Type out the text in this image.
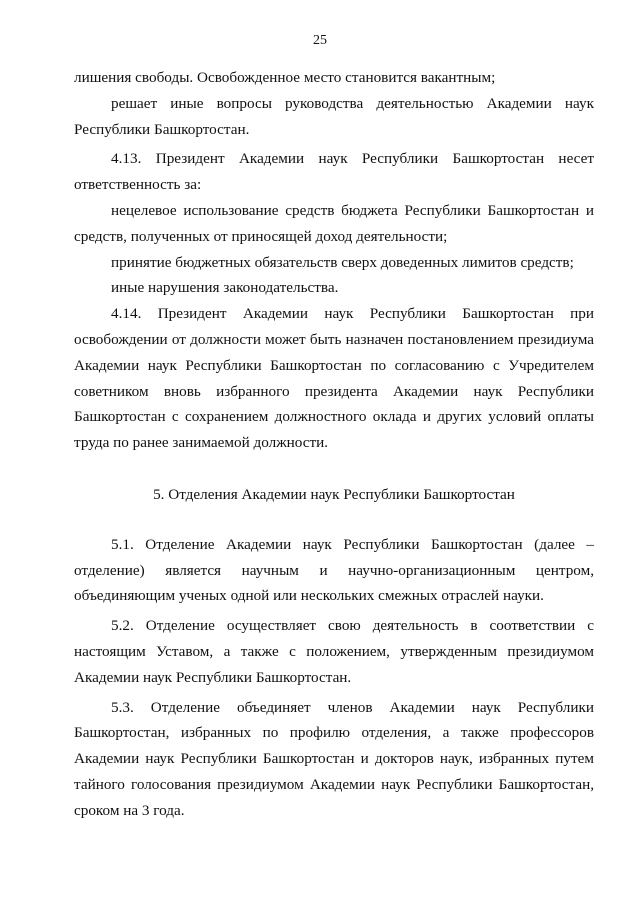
25

лишения свободы. Освобожденное место становится вакантным;

решает иные вопросы руководства деятельностью Академии наук Республики Башкортостан.

4.13. Президент Академии наук Республики Башкортостан несет ответственность за:

нецелевое использование средств бюджета Республики Башкортостан и средств, полученных от приносящей доход деятельности;

принятие бюджетных обязательств сверх доведенных лимитов средств;

иные нарушения законодательства.

4.14. Президент Академии наук Республики Башкортостан при освобождении от должности может быть назначен постановлением президиума Академии наук Республики Башкортостан по согласованию с Учредителем советником вновь избранного президента Академии наук Республики Башкортостан с сохранением должностного оклада и других условий оплаты труда по ранее занимаемой должности.

5. Отделения Академии наук Республики Башкортостан

5.1. Отделение Академии наук Республики Башкортостан (далее – отделение) является научным и научно-организационным центром, объединяющим ученых одной или нескольких смежных отраслей науки.

5.2. Отделение осуществляет свою деятельность в соответствии с настоящим Уставом, а также с положением, утвержденным президиумом Академии наук Республики Башкортостан.

5.3. Отделение объединяет членов Академии наук Республики Башкортостан, избранных по профилю отделения, а также профессоров Академии наук Республики Башкортостан и докторов наук, избранных путем тайного голосования президиумом Академии наук Республики Башкортостан, сроком на 3 года.
